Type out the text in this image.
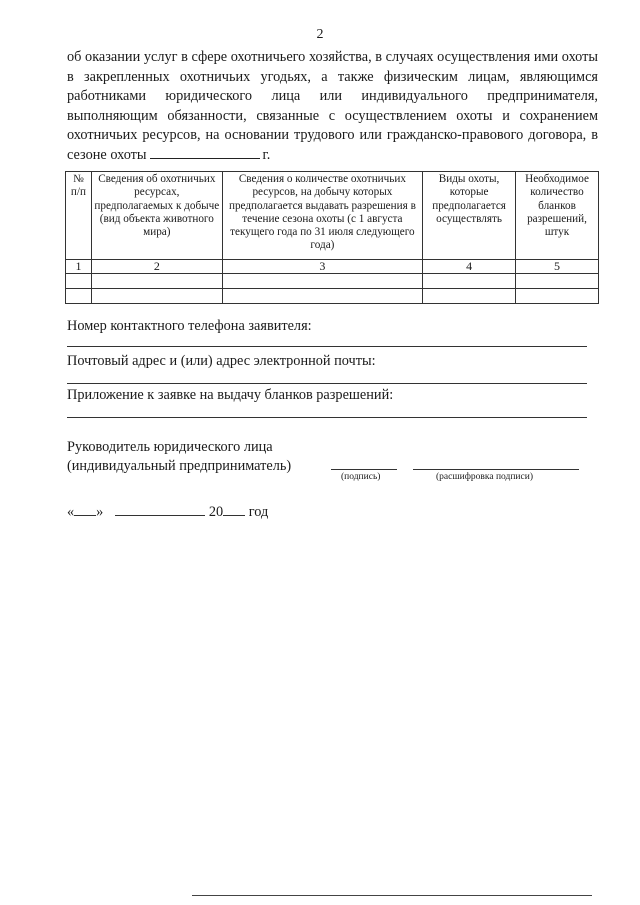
2
об оказании услуг в сфере охотничьего хозяйства, в случаях осуществления ими охоты в закрепленных охотничьих угодьях, а также физическим лицам, являющимся работниками юридического лица или индивидуального предпринимателя, выполняющим обязанности, связанные с осуществлением охоты и сохранением охотничьих ресурсов, на основании трудового или гражданско-правового договора, в сезоне охоты	г.
№ п/п	Сведения об охотничьих ресурсах, предполагаемых к добыче (вид объекта животного мира)	Сведения о количестве охотничьих ресурсов, на добычу которых предполагается выдавать разрешения в течение сезона охоты (с 1 августа текущего года по 31 июля следующего года)	Виды охоты, которые предполагается осуществлять	Необходимое количество бланков разрешений, штук
1	2	3	4	5

Номер контактного телефона заявителя:
Почтовый адрес и (или) адрес электронной почты:
Приложение к заявке на выдачу бланков разрешений:
Руководитель юридического лица
(индивидуальный предприниматель)
(подпись)	(расшифровка подписи)
« »	20 год
